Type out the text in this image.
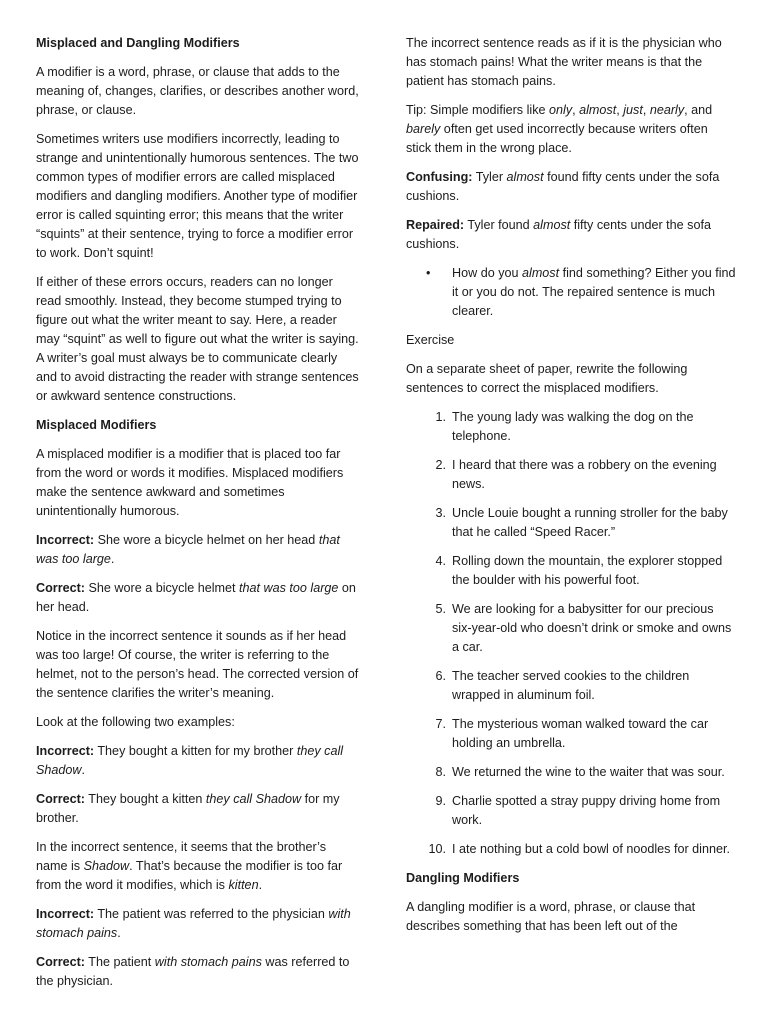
Misplaced and Dangling Modifiers

A modifier is a word, phrase, or clause that adds to the meaning of, changes, clarifies, or describes another word, phrase, or clause.

Sometimes writers use modifiers incorrectly, leading to strange and unintentionally humorous sentences. The two common types of modifier errors are called misplaced modifiers and dangling modifiers. Another type of modifier error is called squinting error; this means that the writer “squints” at their sentence, trying to force a modifier error to work. Don’t squint!

If either of these errors occurs, readers can no longer read smoothly. Instead, they become stumped trying to figure out what the writer meant to say. Here, a reader may “squint” as well to figure out what the writer is saying. A writer’s goal must always be to communicate clearly and to avoid distracting the reader with strange sentences or awkward sentence constructions.

Misplaced Modifiers

A misplaced modifier is a modifier that is placed too far from the word or words it modifies. Misplaced modifiers make the sentence awkward and sometimes unintentionally humorous.

Incorrect: She wore a bicycle helmet on her head that was too large.

Correct: She wore a bicycle helmet that was too large on her head.

Notice in the incorrect sentence it sounds as if her head was too large! Of course, the writer is referring to the helmet, not to the person’s head. The corrected version of the sentence clarifies the writer’s meaning.

Look at the following two examples:

Incorrect: They bought a kitten for my brother they call Shadow.

Correct: They bought a kitten they call Shadow for my brother.

In the incorrect sentence, it seems that the brother’s name is Shadow. That’s because the modifier is too far from the word it modifies, which is kitten.

Incorrect: The patient was referred to the physician with stomach pains.

Correct: The patient with stomach pains was referred to the physician.

The incorrect sentence reads as if it is the physician who has stomach pains! What the writer means is that the patient has stomach pains.

Tip: Simple modifiers like only, almost, just, nearly, and barely often get used incorrectly because writers often stick them in the wrong place.

Confusing: Tyler almost found fifty cents under the sofa cushions.

Repaired: Tyler found almost fifty cents under the sofa cushions.

• How do you almost find something? Either you find it or you do not. The repaired sentence is much clearer.

Exercise

On a separate sheet of paper, rewrite the following sentences to correct the misplaced modifiers.

1. The young lady was walking the dog on the telephone.
2. I heard that there was a robbery on the evening news.
3. Uncle Louie bought a running stroller for the baby that he called “Speed Racer.”
4. Rolling down the mountain, the explorer stopped the boulder with his powerful foot.
5. We are looking for a babysitter for our precious six-year-old who doesn’t drink or smoke and owns a car.
6. The teacher served cookies to the children wrapped in aluminum foil.
7. The mysterious woman walked toward the car holding an umbrella.
8. We returned the wine to the waiter that was sour.
9. Charlie spotted a stray puppy driving home from work.
10. I ate nothing but a cold bowl of noodles for dinner.

Dangling Modifiers

A dangling modifier is a word, phrase, or clause that describes something that has been left out of the
